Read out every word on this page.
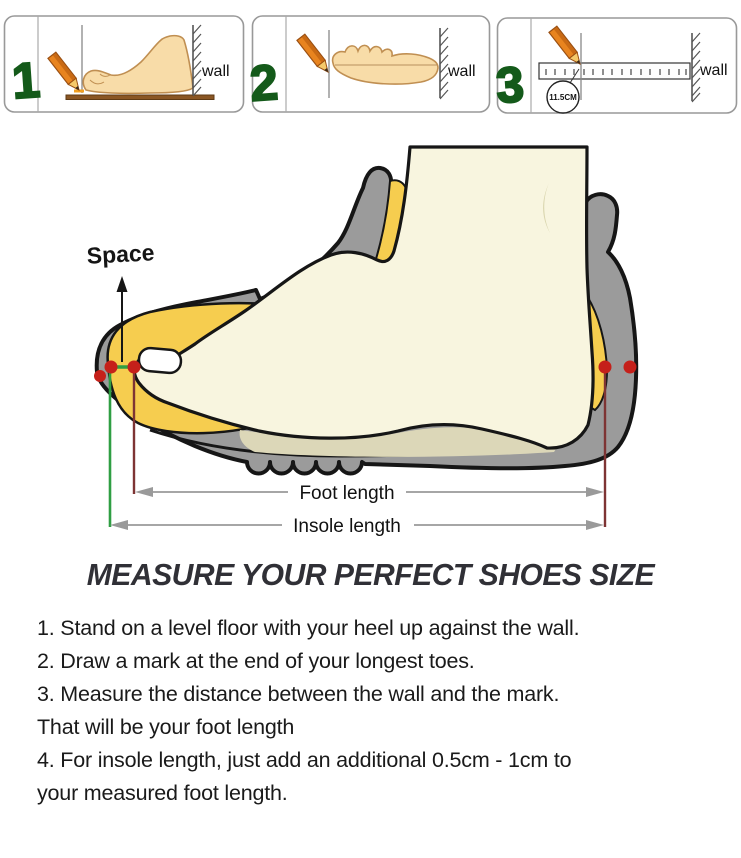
1	wall 2	wall 3	11.5CM
wall
Space
Foot length
Insole length
MEASURE YOUR PERFECT SHOES SIZE
1. Stand on a level floor with your heel up against the wall.
2. Draw a mark at the end of your longest toes.
3. Measure the distance between the wall and the mark.
That will be your foot length
4. For insole length, just add an additional 0.5cm - 1cm to
your measured foot length.
